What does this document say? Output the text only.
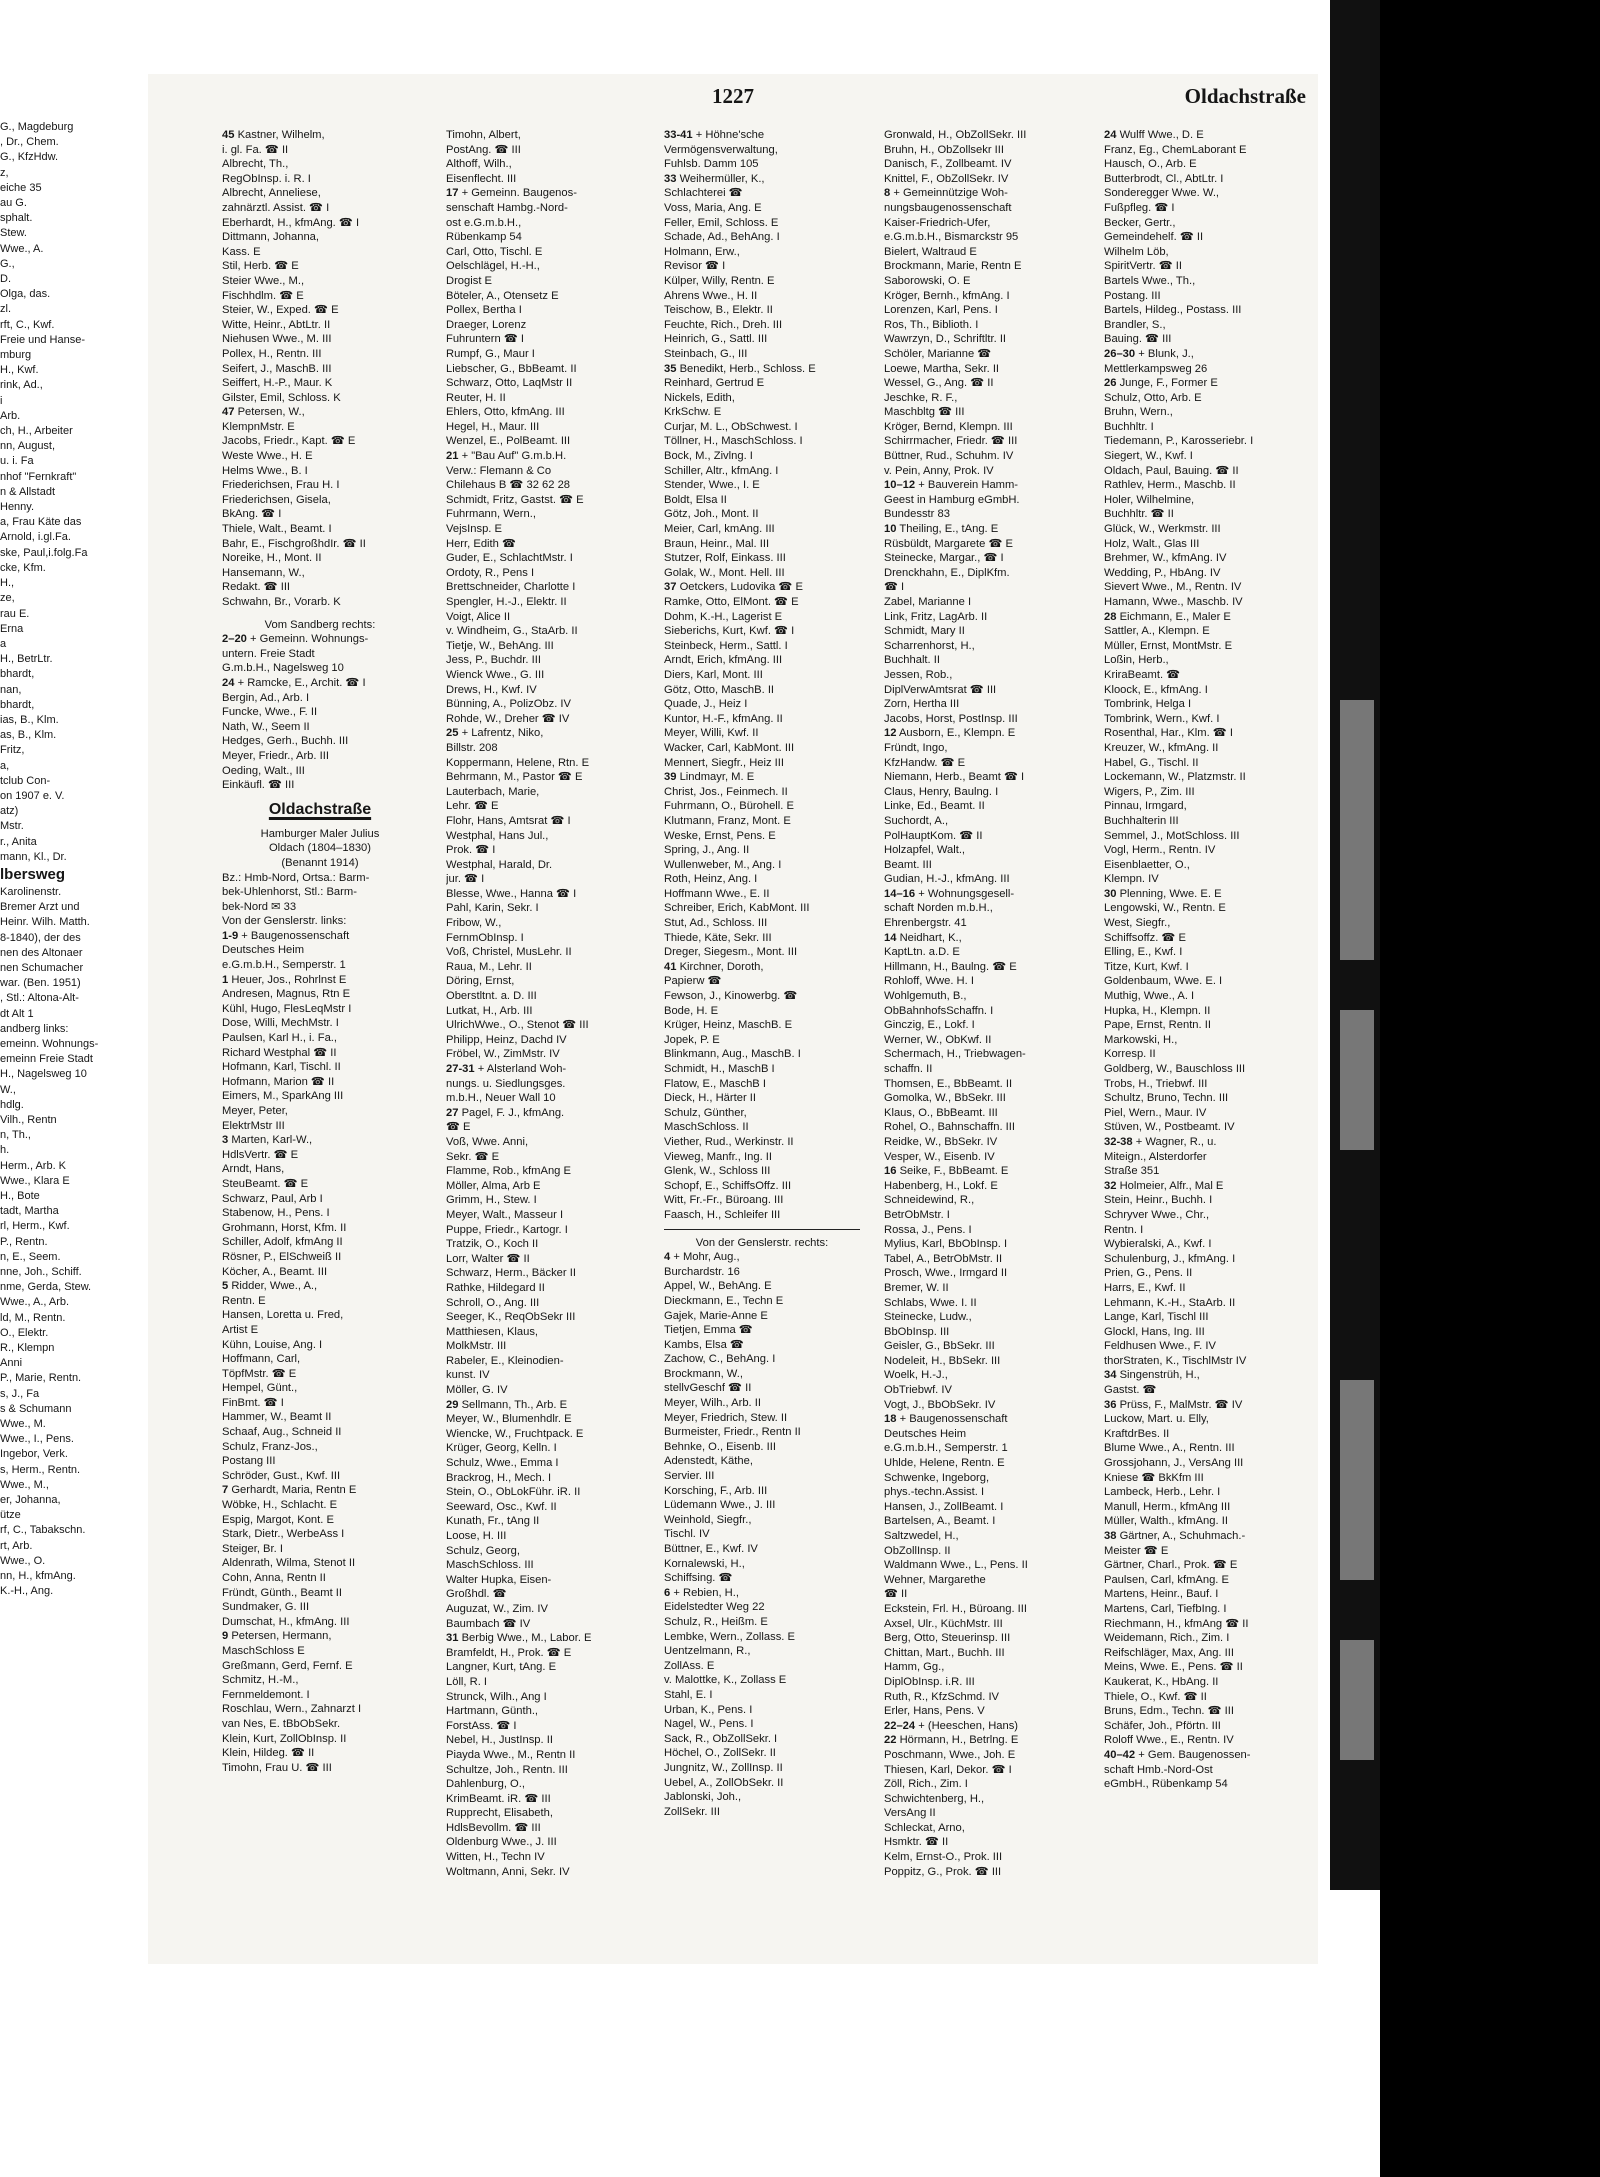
1227	Oldachstraße
G., Magdeburg
, Dr., Chem.
G., KfzHdw.
z,
eiche 35
au G.
sphalt.
Stew.
Wwe., A.
G.,
D.
Olga, das.
zl.
rft, C., Kwf.
Freie und Hanse-
mburg
H., Kwf.
rink, Ad.,
i
Arb.
ch, H., Arbeiter
nn, August,
u. i. Fa
nhof "Fernkraft"
n & Allstadt
Henny.
a, Frau Käte das
Arnold, i.gl.Fa.
ske, Paul,i.folg.Fa
cke, Kfm.
H.,
ze,
rau E.
Erna
a
H., BetrLtr.
bhardt,
nan,
bhardt,
ias, B., Klm.
as, B., Klm.
Fritz,
a,
tclub Con-
on 1907 e. V.
atz)
Mstr.
r., Anita
mann, Kl., Dr.
lbersweg
Karolinenstr.
Bremer Arzt und
Heinr. Wilh. Matth.
8-1840), der des
nen des Altonaer
nen Schumacher
war. (Ben. 1951)
, Stl.: Altona-Alt-
dt Alt 1
andberg links:
emeinn. Wohnungs-
emeinn Freie Stadt
H., Nagelsweg 10
W.,
hdlg.
Vilh., Rentn
n, Th.,
h.
Herm., Arb. K
Wwe., Klara E
H., Bote
tadt, Martha
rl, Herm., Kwf.
P., Rentn.
n, E., Seem.
nne, Joh., Schiff.
nme, Gerda, Stew.
Wwe., A., Arb.
ld, M., Rentn.
O., Elektr.
R., Klempn
Anni
P., Marie, Rentn.
s, J., Fa
s & Schumann
Wwe., M.
Wwe., I., Pens.
Ingebor, Verk.
s, Herm., Rentn.
Wwe., M.,
er, Johanna,
ütze
rf, C., Tabakschn.
rt, Arb.
Wwe., O.
nn, H., kfmAng.
K.-H., Ang.
45 Kastner, Wilhelm,
i. gl. Fa. ☎ II
Albrecht, Th.,
RegObInsp. i. R. I
Albrecht, Anneliese,
zahnärztl. Assist. ☎ I
Eberhardt, H., kfmAng. ☎ I
Dittmann, Johanna,
Kass. E
Stil, Herb. ☎ E
Steier Wwe., M.,
Fischhdlm. ☎ E
Steier, W., Exped. ☎ E
Witte, Heinr., AbtLtr. II
Niehusen Wwe., M. III
Pollex, H., Rentn. III
Seifert, J., MaschB. III
Seiffert, H.-P., Maur. K
Gilster, Emil, Schloss. K
47 Petersen, W.,
KlempnMstr. E
Jacobs, Friedr., Kapt. ☎ E
Weste Wwe., H. E
Helms Wwe., B. I
Friederichsen, Frau H. I
Friederichsen, Gisela,
BkAng. ☎ I
Thiele, Walt., Beamt. I
Bahr, E., FischgroßhdIr. ☎ II
Noreike, H., Mont. II
Hansemann, W.,
Redakt. ☎ III
Schwahn, Br., Vorarb. K
Vom Sandberg rechts:
2–20 + Gemeinn. Wohnungs-
untern. Freie Stadt
G.m.b.H., Nagelsweg 10
24 + Ramcke, E., Archit. ☎ I
Bergin, Ad., Arb. I
Funcke, Wwe., F. II
Nath, W., Seem II
Hedges, Gerh., Buchh. III
Meyer, Friedr., Arb. III
Oeding, Walt., III
Einkäufl. ☎ III
Oldachstraße
Hamburger Maler Julius
Oldach (1804–1830)
(Benannt 1914)
Bz.: Hmb-Nord, Ortsa.: Barm-
bek-Uhlenhorst, Stl.: Barm-
bek-Nord ✉ 33
Von der Genslerstr. links:
1-9 + Baugenossenschaft
Deutsches Heim
e.G.m.b.H., Semperstr. 1
1 Heuer, Jos., Rohrlnst E
Andresen, Magnus, Rtn E
Kühl, Hugo, FlesLeqMstr I
Dose, Willi, MechMstr. I
Paulsen, Karl H., i. Fa.,
Richard Westphal ☎ II
Hofmann, Karl, Tischl. II
Hofmann, Marion ☎ II
Eimers, M., SparkAng III
Meyer, Peter,
ElektrMstr III
3 Marten, Karl-W.,
HdlsVertr. ☎ E
Arndt, Hans,
SteuBeamt. ☎ E
Schwarz, Paul, Arb I
Stabenow, H., Pens. I
Grohmann, Horst, Kfm. II
Schiller, Adolf, kfmAng II
Rösner, P., ElSchweiß II
Köcher, A., Beamt. III
5 Ridder, Wwe., A.,
Rentn. E
Hansen, Loretta u. Fred,
Artist E
Kühn, Louise, Ang. I
Hoffmann, Carl,
TöpfMstr. ☎ E
Hempel, Günt.,
FinBmt. ☎ I
Hammer, W., Beamt II
Schaaf, Aug., Schneid II
Schulz, Franz-Jos.,
Postang III
Schröder, Gust., Kwf. III
7 Gerhardt, Maria, Rentn E
Wöbke, H., Schlacht. E
Espig, Margot, Kont. E
Stark, Dietr., WerbeAss I
Steiger, Br. I
Aldenrath, Wilma, Stenot II
Cohn, Anna, Rentn II
Fründt, Günth., Beamt II
Sundmaker, G. III
Dumschat, H., kfmAng. III
9 Petersen, Hermann,
MaschSchloss E
Greßmann, Gerd, Fernf. E
Schmitz, H.-M.,
Fernmeldemont. I
Roschlau, Wern., Zahnarzt I
van Nes, E. tBbObSekr.
Klein, Kurt, ZollObInsp. II
Klein, Hildeg. ☎ II
Timohn, Frau U. ☎ III
Timohn, Albert,
PostAng. ☎ III
Althoff, Wilh.,
Eisenflecht. III
17 + Gemeinn. Baugenos-
senschaft Hambg.-Nord-
ost e.G.m.b.H.,
Rübenkamp 54
Carl, Otto, Tischl. E
Oelschlägel, H.-H.,
Drogist E
Böteler, A., Otensetz E
Pollex, Bertha I
Draeger, Lorenz
Fuhruntern ☎ I
Rumpf, G., Maur I
Liebscher, G., BbBeamt. II
Schwarz, Otto, LaqMstr II
Reuter, H. II
Ehlers, Otto, kfmAng. III
Hegel, H., Maur. III
Wenzel, E., PolBeamt. III
21 + "Bau Auf" G.m.b.H.
Verw.: Flemann & Co
Chilehaus B ☎ 32 62 28
Schmidt, Fritz, Gastst. ☎ E
Fuhrmann, Wern.,
VejsInsp. E
Herr, Edith ☎
Guder, E., SchlachtMstr. I
Ordoty, R., Pens I
Brettschneider, Charlotte I
Spengler, H.-J., Elektr. II
Voigt, Alice II
v. Windheim, G., StaArb. II
Tietje, W., BehAng. III
Jess, P., Buchdr. III
Wienck Wwe., G. III
Drews, H., Kwf. IV
Bünning, A., PolizObz. IV
Rohde, W., Dreher ☎ IV
25 + Lafrentz, Niko,
Billstr. 208
Koppermann, Helene, Rtn. E
Behrmann, M., Pastor ☎ E
Lauterbach, Marie,
Lehr. ☎ E
Flohr, Hans, Amtsrat ☎ I
Westphal, Hans Jul.,
Prok. ☎ I
Westphal, Harald, Dr.
jur. ☎ I
Blesse, Wwe., Hanna ☎ I
Pahl, Karin, Sekr. I
Fribow, W.,
FernmObInsp. I
Voß, Christel, MusLehr. II
Raua, M., Lehr. II
Döring, Ernst,
Oberstltnt. a. D. III
Lutkat, H., Arb. III
UlrichWwe., O., Stenot ☎ III
Philipp, Heinz, Dachd IV
Fröbel, W., ZimMstr. IV
27-31 + Alsterland Woh-
nungs. u. Siedlungsges.
m.b.H., Neuer Wall 10
27 Pagel, F. J., kfmAng.
☎ E
Voß, Wwe. Anni,
Sekr. ☎ E
Flamme, Rob., kfmAng E
Möller, Alma, Arb E
Grimm, H., Stew. I
Meyer, Walt., Masseur I
Puppe, Friedr., Kartogr. I
Tratzik, O., Koch II
Lorr, Walter ☎ II
Schwarz, Herm., Bäcker II
Rathke, Hildegard II
Schroll, O., Ang. III
Seeger, K., ReqObSekr III
Matthiesen, Klaus,
MolkMstr. III
Rabeler, E., Kleinodien-
kunst. IV
Möller, G. IV
29 Sellmann, Th., Arb. E
Meyer, W., Blumenhdlr. E
Wiencke, W., Fruchtpack. E
Krüger, Georg, Kelln. I
Schulz, Wwe., Emma I
Brackrog, H., Mech. I
Stein, O., ObLokFühr. iR. II
Seeward, Osc., Kwf. II
Kunath, Fr., tAng II
Loose, H. III
Schulz, Georg,
MaschSchloss. III
Walter Hupka, Eisen-
Großhdl. ☎
Auguzat, W., Zim. IV
Baumbach ☎ IV
31 Berbig Wwe., M., Labor. E
Bramfeldt, H., Prok. ☎ E
Langner, Kurt, tAng. E
Löll, R. I
Strunck, Wilh., Ang I
Hartmann, Günth.,
ForstAss. ☎ I
Nebel, H., JustInsp. II
Piayda Wwe., M., Rentn II
Schultze, Joh., Rentn. III
Dahlenburg, O.,
KrimBeamt. iR. ☎ III
Rupprecht, Elisabeth,
HdlsBevollm. ☎ III
Oldenburg Wwe., J. III
Witten, H., Techn IV
Woltmann, Anni, Sekr. IV
33-41 + Höhne'sche
Vermögensverwaltung,
Fuhlsb. Damm 105
33 Weihermüller, K.,
Schlachterei ☎
Voss, Maria, Ang. E
Feller, Emil, Schloss. E
Schade, Ad., BehAng. I
Holmann, Erw.,
Revisor ☎ I
Külper, Willy, Rentn. E
Ahrens Wwe., H. II
Teischow, B., Elektr. II
Feuchte, Rich., Dreh. III
Heinrich, G., Sattl. III
Steinbach, G., III
35 Benedikt, Herb., Schloss. E
Reinhard, Gertrud E
Nickels, Edith,
KrkSchw. E
Curjar, M. L., ObSchwest. I
Töllner, H., MaschSchloss. I
Bock, M., Zivlng. I
Schiller, Altr., kfmAng. I
Stender, Wwe., I. E
Boldt, Elsa II
Götz, Joh., Mont. II
Meier, Carl, kmAng. III
Braun, Heinr., Mal. III
Stutzer, Rolf, Einkass. III
Golak, W., Mont. Hell. III
37 Oetckers, Ludovika ☎ E
Ramke, Otto, ElMont. ☎ E
Dohm, K.-H., Lagerist E
Sieberichs, Kurt, Kwf. ☎ I
Steinbeck, Herm., Sattl. I
Arndt, Erich, kfmAng. III
Diers, Karl, Mont. III
Götz, Otto, MaschB. II
Quade, J., Heiz I
Kuntor, H.-F., kfmAng. II
Meyer, Willi, Kwf. II
Wacker, Carl, KabMont. III
Mennert, Siegfr., Heiz III
39 Lindmayr, M. E
Christ, Jos., Feinmech. II
Fuhrmann, O., Bürohell. E
Klutmann, Franz, Mont. E
Weske, Ernst, Pens. E
Spring, J., Ang. II
Wullenweber, M., Ang. I
Roth, Heinz, Ang. I
Hoffmann Wwe., E. II
Schreiber, Erich, KabMont. III
Stut, Ad., Schloss. III
Thiede, Käte, Sekr. III
Dreger, Siegesm., Mont. III
41 Kirchner, Doroth,
Papierw ☎
Fewson, J., Kinowerbg. ☎
Bode, H. E
Krüger, Heinz, MaschB. E
Jopek, P. E
Blinkmann, Aug., MaschB. I
Schmidt, H., MaschB I
Flatow, E., MaschB I
Dieck, H., Härter II
Schulz, Günther,
MaschSchloss. II
Viether, Rud., Werkinstr. II
Vieweg, Manfr., Ing. II
Glenk, W., Schloss III
Schopf, E., SchiffsOffz. III
Witt, Fr.-Fr., Büroang. III
Faasch, H., Schleifer III
Von der Genslerstr. rechts:
4 + Mohr, Aug.,
Burchardstr. 16
Appel, W., BehAng. E
Dieckmann, E., Techn E
Gajek, Marie-Anne E
Tietjen, Emma ☎
Kambs, Elsa ☎
Zachow, C., BehAng. I
Brockmann, W.,
stellvGeschf ☎ II
Meyer, Wilh., Arb. II
Meyer, Friedrich, Stew. II
Burmeister, Friedr., Rentn II
Behnke, O., Eisenb. III
Adenstedt, Käthe,
Servier. III
Korsching, F., Arb. III
Lüdemann Wwe., J. III
Weinhold, Siegfr.,
Tischl. IV
Büttner, E., Kwf. IV
Kornalewski, H.,
Schiffsing. ☎
6 + Rebien, H.,
Eidelstedter Weg 22
Schulz, R., Heißm. E
Lembke, Wern., Zollass. E
Uentzelmann, R.,
ZollAss. E
v. Malottke, K., Zollass E
Stahl, E. I
Urban, K., Pens. I
Nagel, W., Pens. I
Sack, R., ObZollSekr. I
Höchel, O., ZollSekr. II
Jungnitz, W., ZollInsp. II
Uebel, A., ZollObSekr. II
Jablonski, Joh.,
ZollSekr. III
Gronwald, H., ObZollSekr. III
Bruhn, H., ObZollsekr III
Danisch, F., Zollbeamt. IV
Knittel, F., ObZollSekr. IV
8 + Gemeinnützige Woh-
nungsbaugenossenschaft
Kaiser-Friedrich-Ufer,
e.G.m.b.H., Bismarckstr 95
Bielert, Waltraud E
Brockmann, Marie, Rentn E
Saborowski, O. E
Kröger, Bernh., kfmAng. I
Lorenzen, Karl, Pens. I
Ros, Th., Biblioth. I
Wawrzyn, D., Schriftltr. II
Schöler, Marianne ☎
Loewe, Martha, Sekr. II
Wessel, G., Ang. ☎ II
Jeschke, R. F.,
Maschbltg ☎ III
Kröger, Bernd, Klempn. III
Schirrmacher, Friedr. ☎ III
Büttner, Rud., Schuhm. IV
v. Pein, Anny, Prok. IV
10–12 + Bauverein Hamm-
Geest in Hamburg eGmbH.
Bundesstr 83
10 Theiling, E., tAng. E
Rüsbüldt, Margarete ☎ E
Steinecke, Margar., ☎ I
Drenckhahn, E., DiplKfm.
☎ I
Zabel, Marianne I
Link, Fritz, LagArb. II
Schmidt, Mary II
Scharrenhorst, H.,
Buchhalt. II
Jessen, Rob.,
DiplVerwAmtsrat ☎ III
Zorn, Hertha III
Jacobs, Horst, PostInsp. III
12 Ausborn, E., Klempn. E
Fründt, Ingo,
KfzHandw. ☎ E
Niemann, Herb., Beamt ☎ I
Claus, Henry, Baulng. I
Linke, Ed., Beamt. II
Suchordt, A.,
PolHauptKom. ☎ II
Holzapfel, Walt.,
Beamt. III
Gudian, H.-J., kfmAng. III
14–16 + Wohnungsgesell-
schaft Norden m.b.H.,
Ehrenbergstr. 41
14 Neidhart, K.,
KaptLtn. a.D. E
Hillmann, H., Baulng. ☎ E
Rohloff, Wwe. H. I
Wohlgemuth, B.,
ObBahnhofsSchaffn. I
Ginczig, E., Lokf. I
Werner, W., ObKwf. II
Schermach, H., Triebwagen-
schaffn. II
Thomsen, E., BbBeamt. II
Gomolka, W., BbSekr. III
Klaus, O., BbBeamt. III
Rohel, O., Bahnschaffn. III
Reidke, W., BbSekr. IV
Vesper, W., Eisenb. IV
16 Seike, F., BbBeamt. E
Habenberg, H., Lokf. E
Schneidewind, R.,
BetrObMstr. I
Rossa, J., Pens. I
Mylius, Karl, BbObInsp. I
Tabel, A., BetrObMstr. II
Prosch, Wwe., Irmgard II
Bremer, W. II
Schlabs, Wwe. I. II
Steinecke, Ludw.,
BbObInsp. III
Geisler, G., BbSekr. III
Nodeleit, H., BbSekr. III
Woelk, H.-J.,
ObTriebwf. IV
Vogt, J., BbObSekr. IV
18 + Baugenossenschaft
Deutsches Heim
e.G.m.b.H., Semperstr. 1
Uhlde, Helene, Rentn. E
Schwenke, Ingeborg,
phys.-techn.Assist. I
Hansen, J., ZollBeamt. I
Bartelsen, A., Beamt. I
Saltzwedel, H.,
ObZollInsp. II
Waldmann Wwe., L., Pens. II
Wehner, Margarethe
☎ II
Eckstein, Frl. H., Büroang. III
Axsel, Ulr., KüchMstr. III
Berg, Otto, Steuerinsp. III
Chittan, Mart., Buchh. III
Hamm, Gg.,
DiplObInsp. i.R. III
Ruth, R., KfzSchmd. IV
Erler, Hans, Pens. V
22–24 + (Heeschen, Hans)
22 Hörmann, H., Betrlng. E
Poschmann, Wwe., Joh. E
Thiesen, Karl, Dekor. ☎ I
Zöll, Rich., Zim. I
Schwichtenberg, H.,
VersAng II
Schleckat, Arno,
Hsmktr. ☎ II
Kelm, Ernst-O., Prok. III
Poppitz, G., Prok. ☎ III
24 Wulff Wwe., D. E
Franz, Eg., ChemLaborant E
Hausch, O., Arb. E
Butterbrodt, Cl., AbtLtr. I
Sonderegger Wwe. W.,
Fußpfleg. ☎ I
Becker, Gertr.,
Gemeindehelf. ☎ II
Wilhelm Löb,
SpiritVertr. ☎ II
Bartels Wwe., Th.,
Postang. III
Bartels, Hildeg., Postass. III
Brandler, S.,
Bauing. ☎ III
26–30 + Blunk, J.,
Mettlerkampsweg 26
26 Junge, F., Former E
Schulz, Otto, Arb. E
Bruhn, Wern.,
Buchhltr. I
Tiedemann, P., Karosseriebr. I
Siegert, W., Kwf. I
Oldach, Paul, Bauing. ☎ II
Rathlev, Herm., Maschb. II
Holer, Wilhelmine,
Buchhltr. ☎ II
Glück, W., Werkmstr. III
Holz, Walt., Glas III
Brehmer, W., kfmAng. IV
Wedding, P., HbAng. IV
Sievert Wwe., M., Rentn. IV
Hamann, Wwe., Maschb. IV
28 Eichmann, E., Maler E
Sattler, A., Klempn. E
Müller, Ernst, MontMstr. E
Loßin, Herb.,
KriraBeamt. ☎
Kloock, E., kfmAng. I
Tombrink, Helga I
Tombrink, Wern., Kwf. I
Rosenthal, Har., Klm. ☎ I
Kreuzer, W., kfmAng. II
Habel, G., Tischl. II
Lockemann, W., Platzmstr. II
Wigers, P., Zim. III
Pinnau, Irmgard,
Buchhalterin III
Semmel, J., MotSchloss. III
Vogl, Herm., Rentn. IV
Eisenblaetter, O.,
Klempn. IV
30 Plenning, Wwe. E. E
Lengowski, W., Rentn. E
West, Siegfr.,
Schiffsoffz. ☎ E
Elling, E., Kwf. I
Titze, Kurt, Kwf. I
Goldenbaum, Wwe. E. I
Muthig, Wwe., A. I
Hupka, H., Klempn. II
Pape, Ernst, Rentn. II
Markowski, H.,
Korresp. II
Goldberg, W., Bauschloss III
Trobs, H., Triebwf. III
Schultz, Bruno, Techn. III
Piel, Wern., Maur. IV
Stüven, W., Postbeamt. IV
32-38 + Wagner, R., u.
Miteign., Alsterdorfer
Straße 351
32 Holmeier, Alfr., Mal E
Stein, Heinr., Buchh. I
Schryver Wwe., Chr.,
Rentn. I
Wybieralski, A., Kwf. I
Schulenburg, J., kfmAng. I
Prien, G., Pens. II
Harrs, E., Kwf. II
Lehmann, K.-H., StaArb. II
Lange, Karl, Tischl III
Glockl, Hans, Ing. III
Feldhusen Wwe., F. IV
thorStraten, K., TischlMstr IV
34 Singenstrüh, H.,
Gastst. ☎
36 Prüss, F., MalMstr. ☎ IV
Luckow, Mart. u. Elly,
KraftdrBes. II
Blume Wwe., A., Rentn. III
Grossjohann, J., VersAng III
Kniese ☎ BkKfm III
Lambeck, Herb., Lehr. I
Manull, Herm., kfmAng III
Müller, Walth., kfmAng. II
38 Gärtner, A., Schuhmach.-
Meister ☎ E
Gärtner, Charl., Prok. ☎ E
Paulsen, Carl, kfmAng. E
Martens, Heinr., Bauf. I
Martens, Carl, TiefbIng. I
Riechmann, H., kfmAng ☎ II
Weidemann, Rich., Zim. I
Reifschläger, Max, Ang. III
Meins, Wwe. E., Pens. ☎ II
Kaukerat, K., HbAng. II
Thiele, O., Kwf. ☎ II
Bruns, Edm., Techn. ☎ III
Schäfer, Joh., Pförtn. III
Roloff Wwe., E., Rentn. IV
40–42 + Gem. Baugenossen-
schaft Hmb.-Nord-Ost
eGmbH., Rübenkamp 54
